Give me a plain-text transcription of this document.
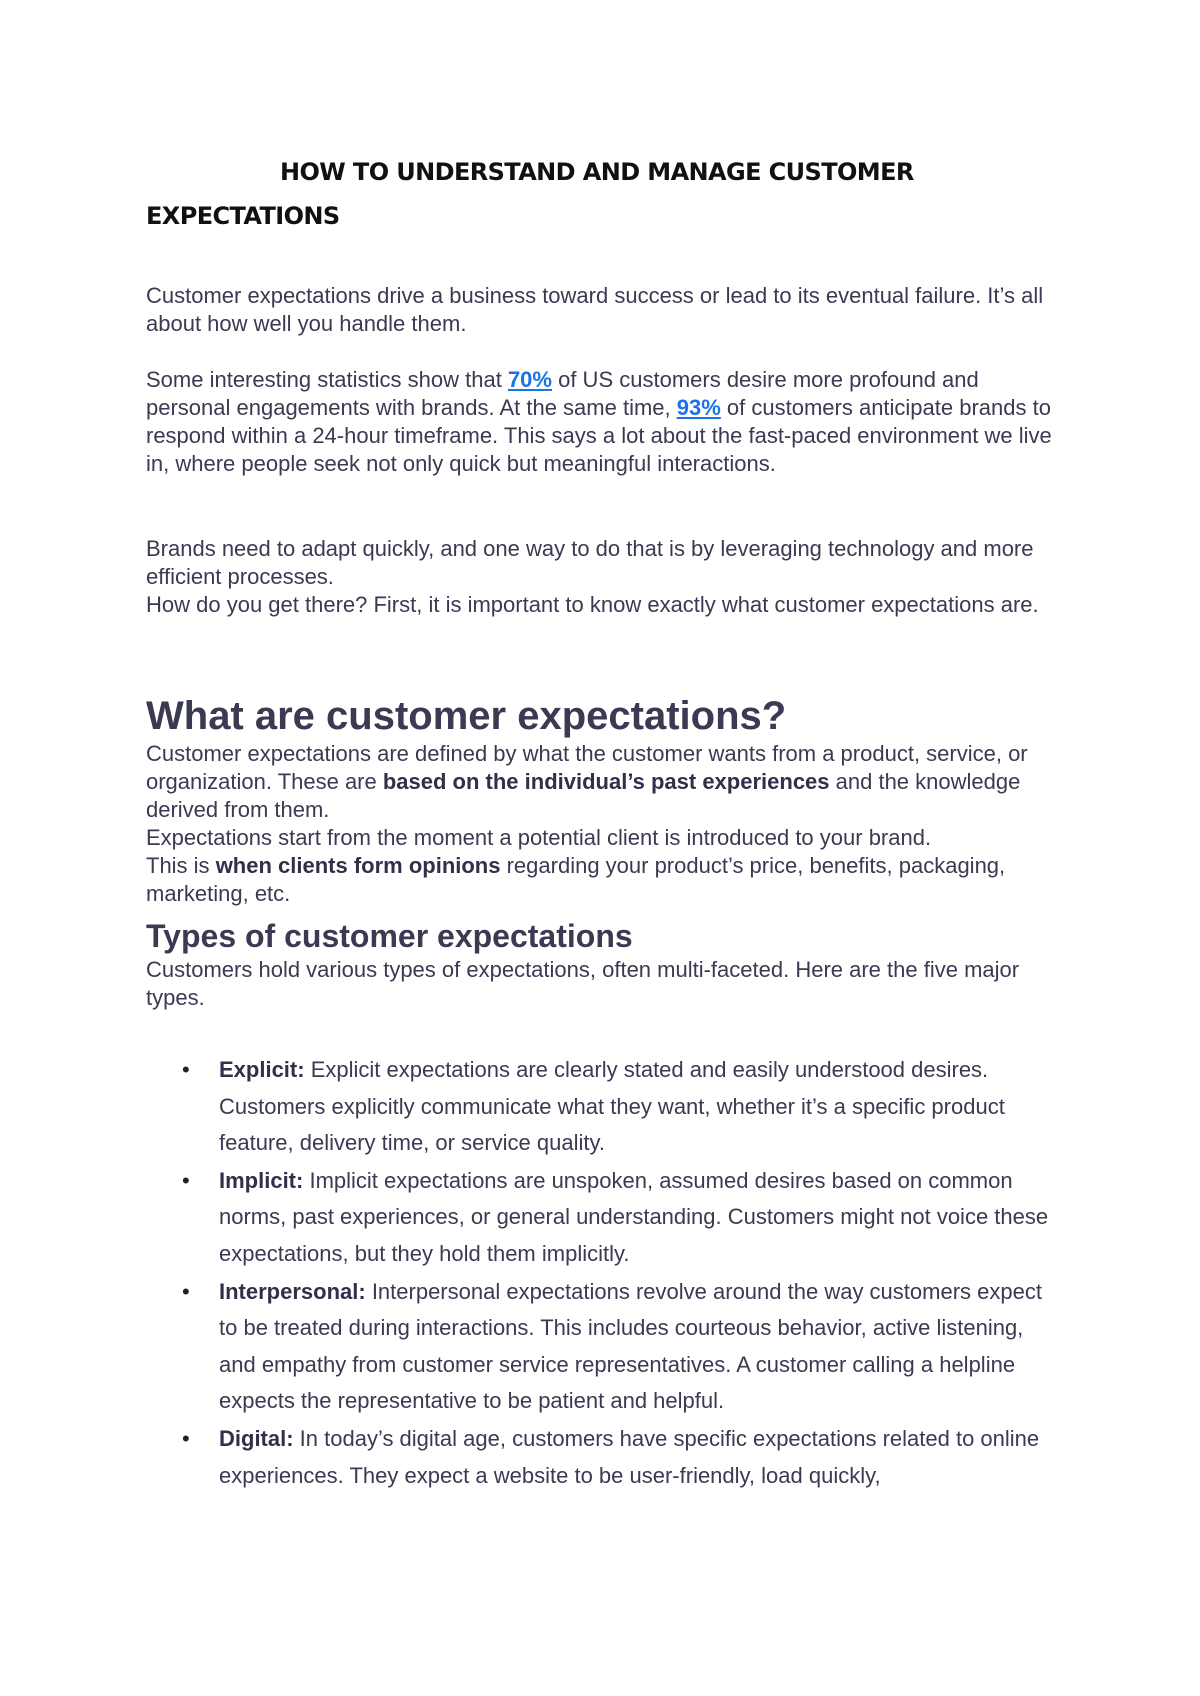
HOW TO UNDERSTAND AND MANAGE CUSTOMER EXPECTATIONS

Customer expectations drive a business toward success or lead to its eventual failure. It’s all about how well you handle them.

Some interesting statistics show that 70% of US customers desire more profound and personal engagements with brands. At the same time, 93% of customers anticipate brands to respond within a 24-hour timeframe. This says a lot about the fast-paced environment we live in, where people seek not only quick but meaningful interactions.

Brands need to adapt quickly, and one way to do that is by leveraging technology and more efficient processes.

How do you get there? First, it is important to know exactly what customer expectations are.

What are customer expectations?

Customer expectations are defined by what the customer wants from a product, service, or organization. These are based on the individual’s past experiences and the knowledge derived from them.

Expectations start from the moment a potential client is introduced to your brand.

This is when clients form opinions regarding your product’s price, benefits, packaging, marketing, etc.

Types of customer expectations

Customers hold various types of expectations, often multi-faceted. Here are the five major types.

• Explicit: Explicit expectations are clearly stated and easily understood desires. Customers explicitly communicate what they want, whether it’s a specific product feature, delivery time, or service quality.
• Implicit: Implicit expectations are unspoken, assumed desires based on common norms, past experiences, or general understanding. Customers might not voice these expectations, but they hold them implicitly.
• Interpersonal: Interpersonal expectations revolve around the way customers expect to be treated during interactions. This includes courteous behavior, active listening, and empathy from customer service representatives. A customer calling a helpline expects the representative to be patient and helpful.
• Digital: In today’s digital age, customers have specific expectations related to online experiences. They expect a website to be user-friendly, load quickly,
